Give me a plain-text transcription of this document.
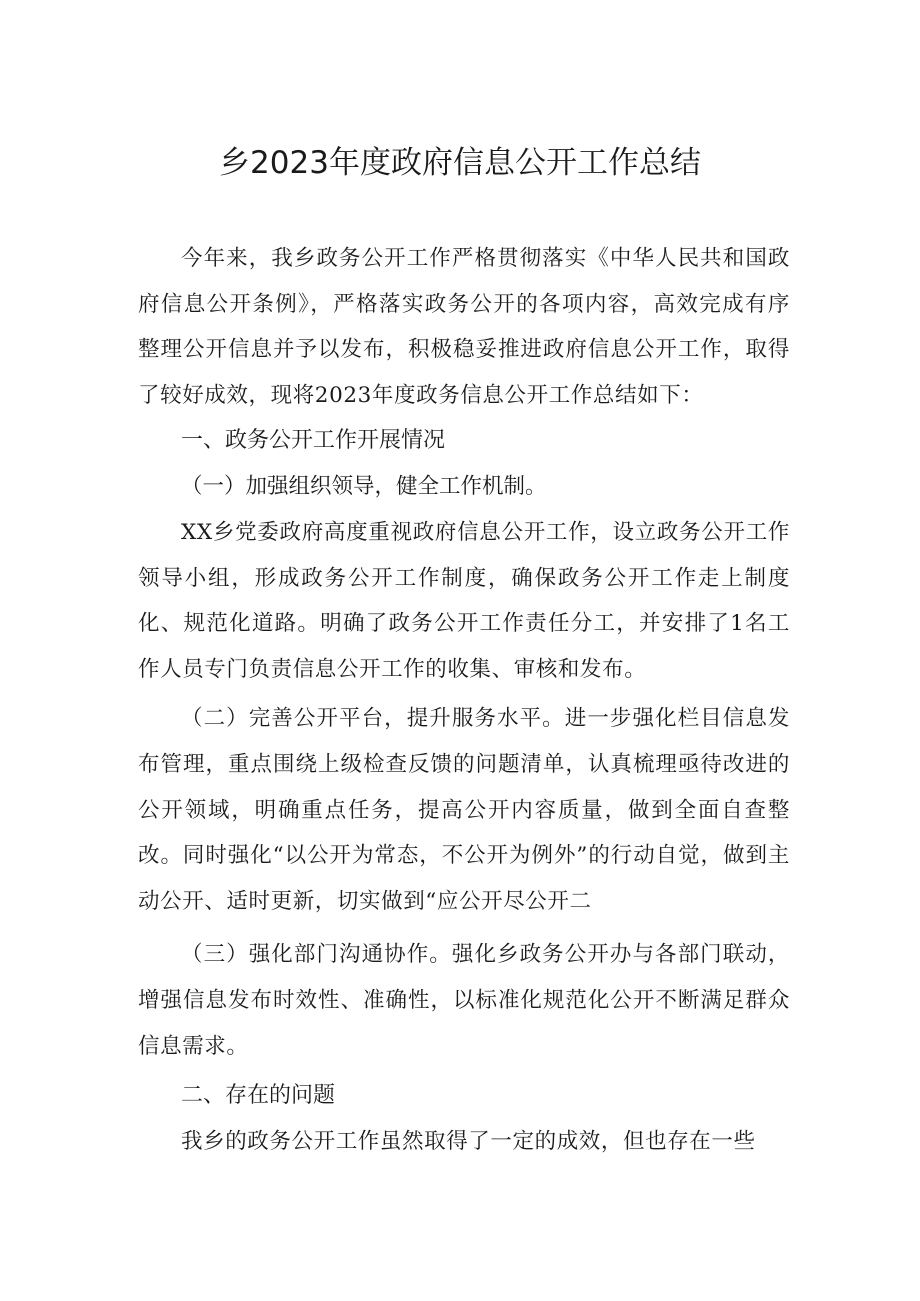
乡2023年度政府信息公开工作总结

今年来，我乡政务公开工作严格贯彻落实《中华人民共和国政府信息公开条例》，严格落实政务公开的各项内容，高效完成有序整理公开信息并予以发布，积极稳妥推进政府信息公开工作，取得了较好成效，现将2023年度政务信息公开工作总结如下：

一、政务公开工作开展情况

（一）加强组织领导，健全工作机制。

XX乡党委政府高度重视政府信息公开工作，设立政务公开工作领导小组，形成政务公开工作制度，确保政务公开工作走上制度化、规范化道路。明确了政务公开工作责任分工，并安排了1名工作人员专门负责信息公开工作的收集、审核和发布。

（二）完善公开平台，提升服务水平。进一步强化栏目信息发布管理，重点围绕上级检查反馈的问题清单，认真梳理亟待改进的公开领域，明确重点任务，提高公开内容质量，做到全面自查整改。同时强化“以公开为常态，不公开为例外”的行动自觉，做到主动公开、适时更新，切实做到“应公开尽公开二

（三）强化部门沟通协作。强化乡政务公开办与各部门联动，增强信息发布时效性、准确性，以标准化规范化公开不断满足群众信息需求。

二、存在的问题

我乡的政务公开工作虽然取得了一定的成效，但也存在一些
